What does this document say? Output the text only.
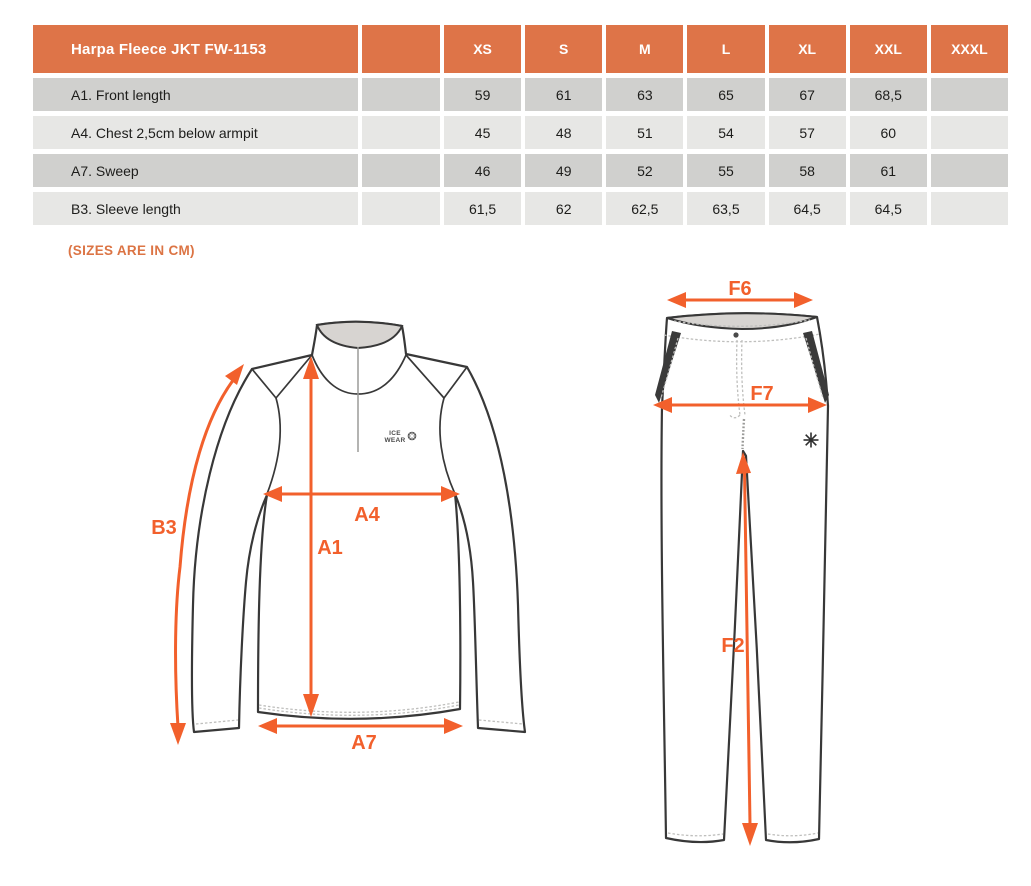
Harpa Fleece JKT FW-1153	XS	S	M	L	XL	XXL	XXXL
A1. Front length	59	61	63	65	67	68,5
A4. Chest 2,5cm below armpit	45	48	51	54	57	60
A7. Sweep	46	49	52	55	58	61
B3. Sleeve length	61,5	62	62,5	63,5	64,5	64,5
(SIZES ARE IN CM)
ICE
WEAR
B3
A4
A1
A7
F6
F7
F2
